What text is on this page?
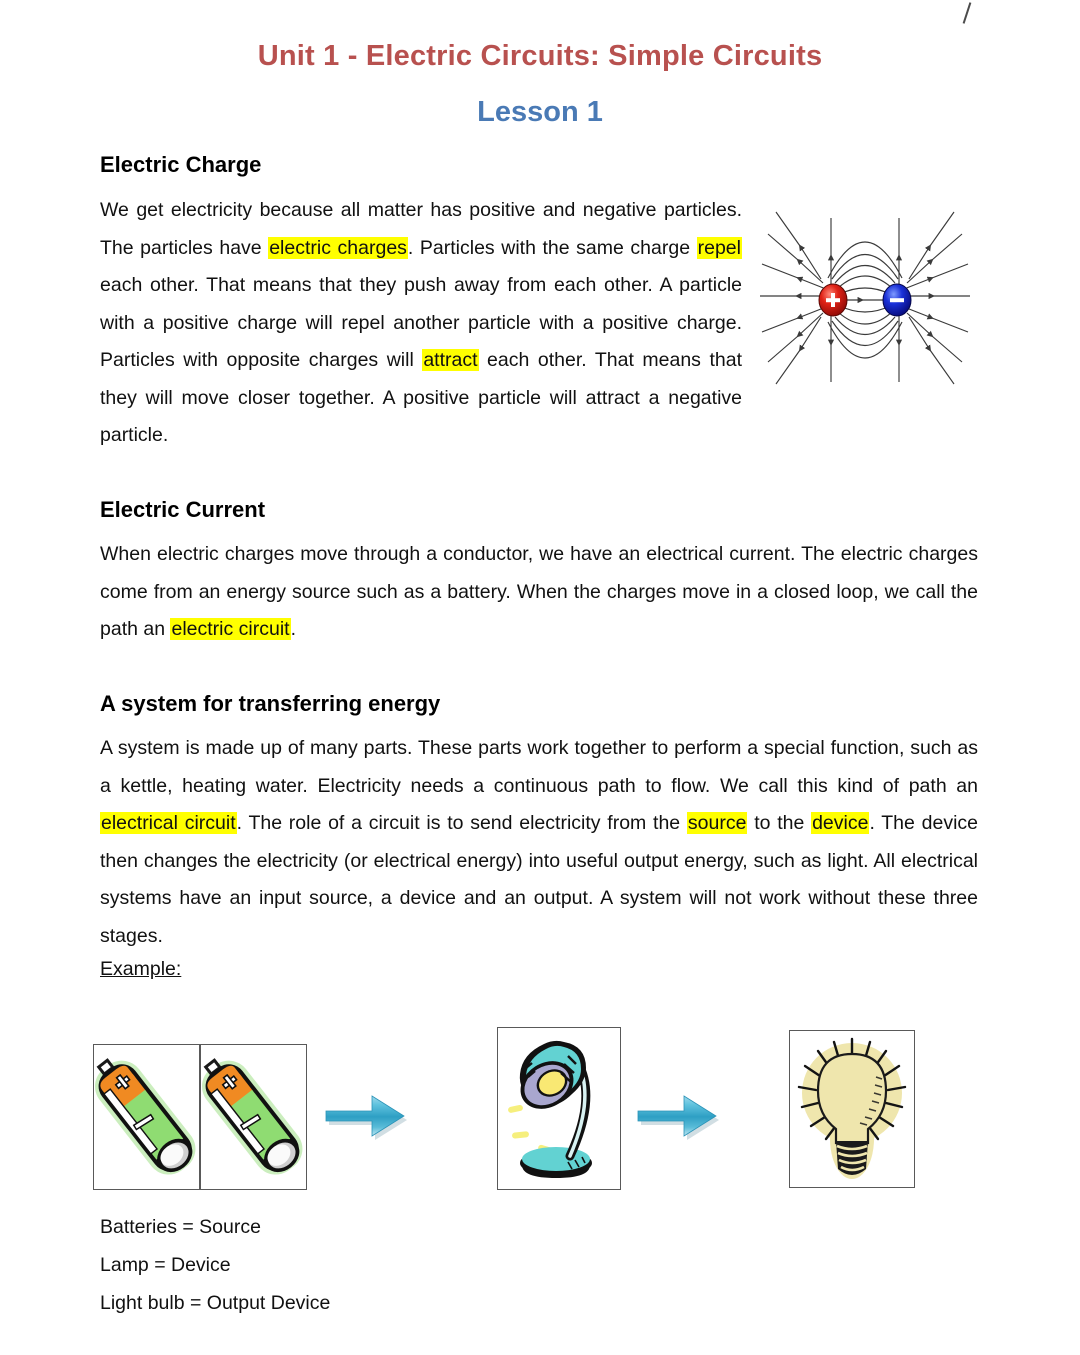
Unit 1 - Electric Circuits: Simple Circuits
Lesson 1
Electric Charge
We get electricity because all matter has positive and negative particles. The particles have electric charges. Particles with the same charge repel each other. That means that they push away from each other. A particle with a positive charge will repel another particle with a positive charge. Particles with opposite charges will attract each other. That means that they will move closer together. A positive particle will attract a negative particle.
Electric Current
When electric charges move through a conductor, we have an electrical current. The electric charges come from an energy source such as a battery. When the charges move in a closed loop, we call the path an electric circuit.
A system for transferring energy
A system is made up of many parts. These parts work together to perform a special function, such as a kettle, heating water. Electricity needs a continuous path to flow. We call this kind of path an electrical circuit. The role of a circuit is to send electricity from the source to the device. The device then changes the electricity (or electrical energy) into useful output energy, such as light. All electrical systems have an input source, a device and an output. A system will not work without these three stages.
Example:
Batteries = Source
Lamp = Device
Light bulb = Output Device
